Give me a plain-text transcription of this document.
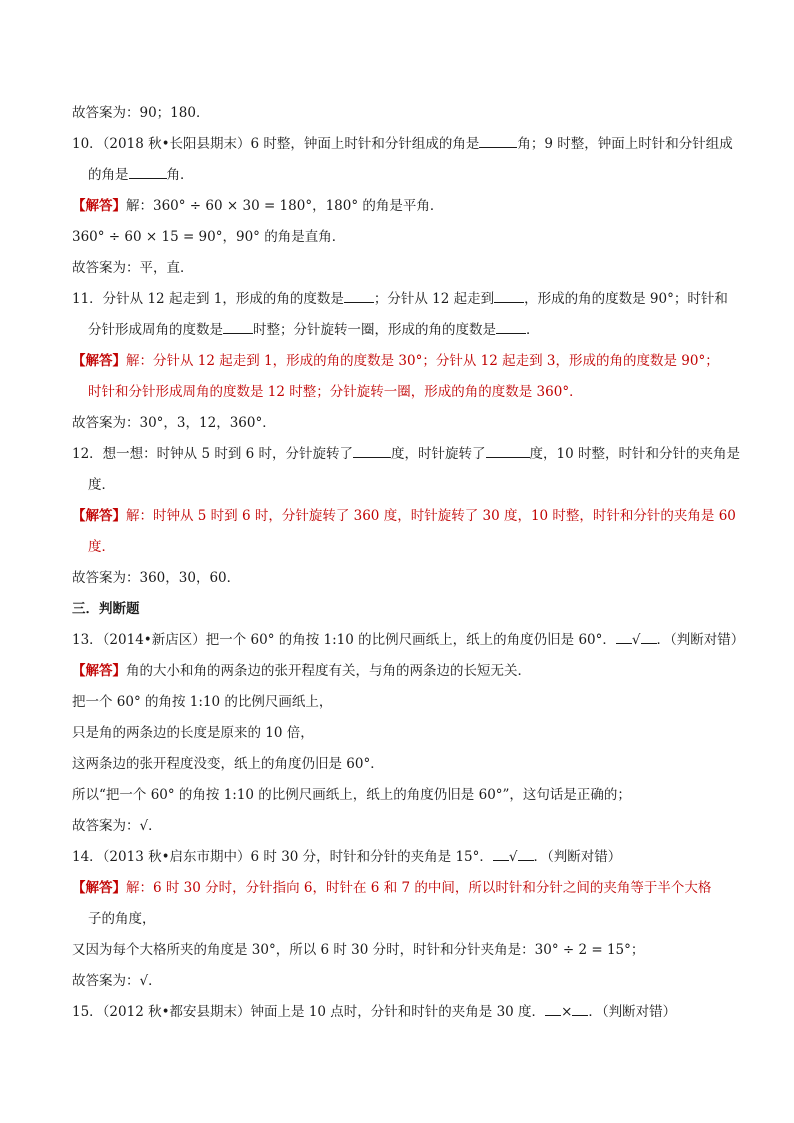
故答案为：90；180．
10．（2018 秋•长阳县期末）6 时整，钟面上时针和分针组成的角是	角；9 时整，钟面上时针和分针组成
的角是	角．
【解答】解：360° ÷ 60 × 30 = 180°，180° 的角是平角．
360° ÷ 60 × 15 = 90°，90° 的角是直角．
故答案为：平，直．
11．分针从 12 起走到 1，形成的角的度数是 ；分针从 12 起走到 ，形成的角的度数是 90°；时针和
分针形成周角的度数是 时整；分针旋转一圈，形成的角的度数是 ．
【解答】解：分针从 12 起走到 1，形成的角的度数是 30°；分针从 12 起走到 3，形成的角的度数是 90°；
时针和分针形成周角的度数是 12 时整；分针旋转一圈，形成的角的度数是 360°．
故答案为：30°，3，12，360°．
12．想一想：时钟从 5 时到 6 时，分针旋转了	度，时针旋转了	度，10 时整，时针和分针的夹角是
度．
【解答】解：时钟从 5 时到 6 时，分针旋转了 360 度，时针旋转了 30 度，10 时整，时针和分针的夹角是 60
度．
故答案为：360，30，60．
三．判断题
13．（2014•新店区）把一个 60° 的角按 1:10 的比例尺画纸上，纸上的角度仍旧是 60°． √ ．（判断对错）
【解答】角的大小和角的两条边的张开程度有关，与角的两条边的长短无关．
把一个 60° 的角按 1:10 的比例尺画纸上，
只是角的两条边的长度是原来的 10 倍，
这两条边的张开程度没变，纸上的角度仍旧是 60°．
所以“把一个 60° 的角按 1:10 的比例尺画纸上，纸上的角度仍旧是 60°”，这句话是正确的；
故答案为：√．
14．（2013 秋•启东市期中）6 时 30 分，时针和分针的夹角是 15°． √ ．（判断对错）
【解答】解：6 时 30 分时，分针指向 6，时针在 6 和 7 的中间，所以时针和分针之间的夹角等于半个大格
子的角度，
又因为每个大格所夹的角度是 30°，所以 6 时 30 分时，时针和分针夹角是：30° ÷ 2 = 15°；
故答案为：√．
15．（2012 秋•都安县期末）钟面上是 10 点时，分针和时针的夹角是 30 度． × ．（判断对错）
